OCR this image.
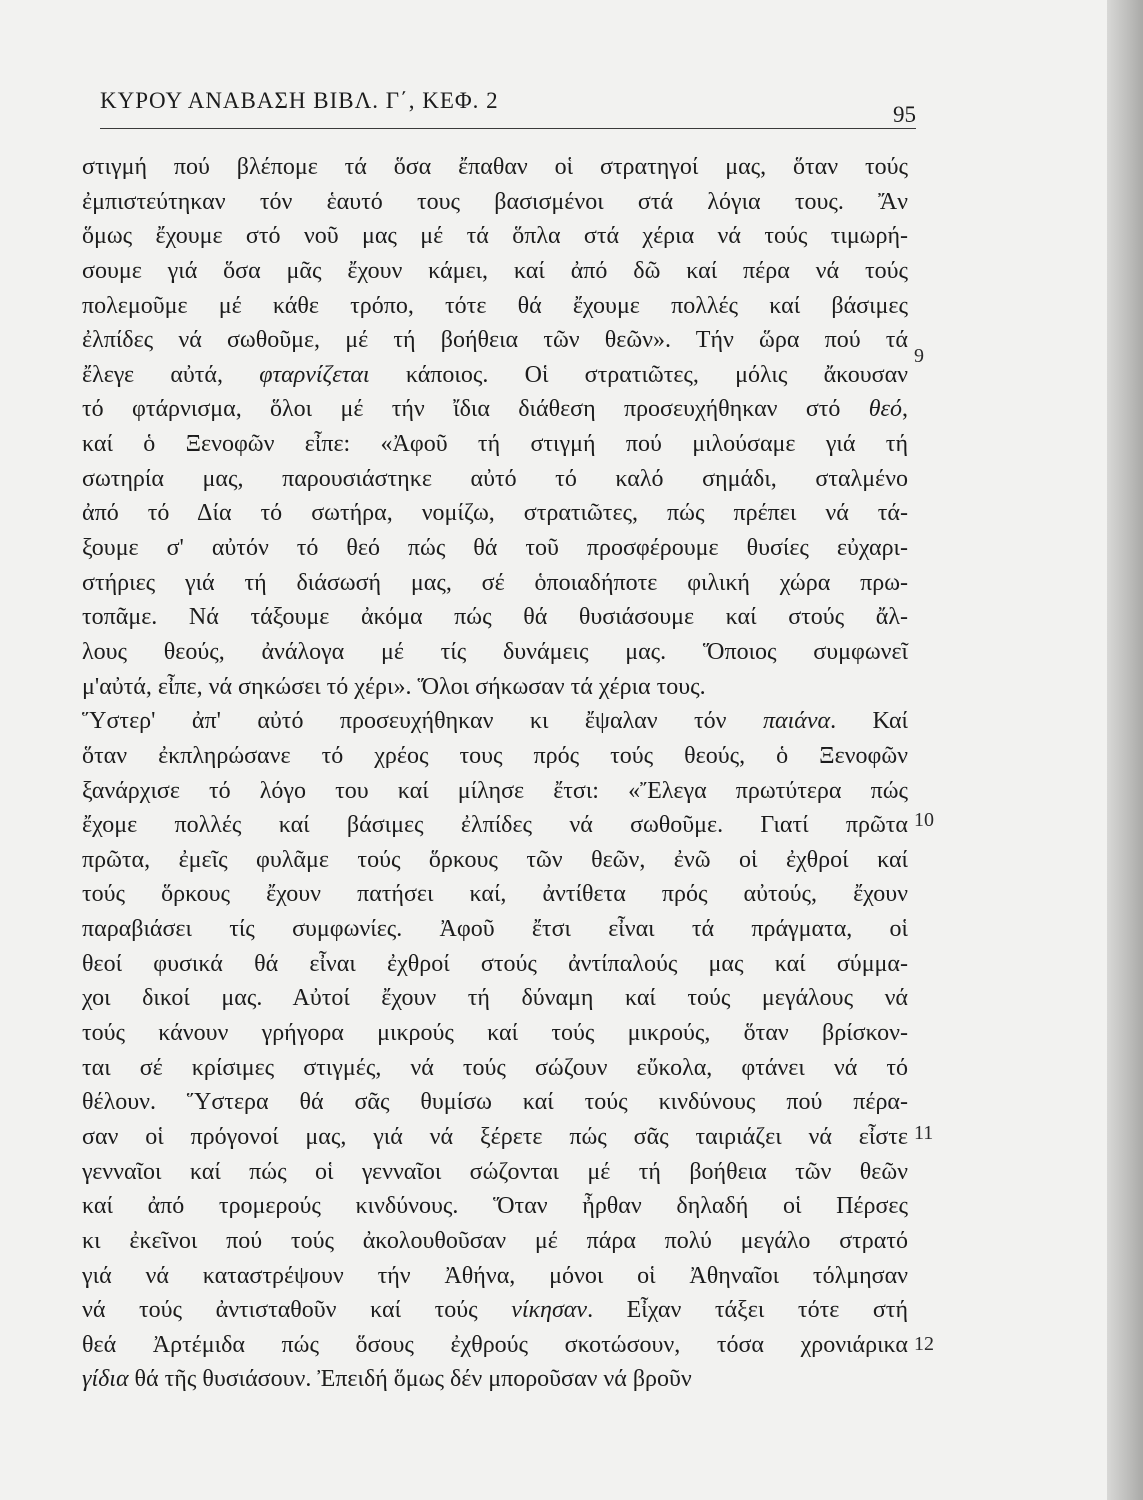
ΚΥΡΟΥ ΑΝΑΒΑΣΗ ΒΙΒΛ. Γ΄, ΚΕΦ. 2
95
στιγμή πού βλέπομε τά ὅσα ἔπαθαν οἱ στρατηγοί μας, ὅταν τούς
ἐμπιστεύτηκαν τόν ἑαυτό τους βασισμένοι στά λόγια τους. Ἄν
ὅμως ἔχουμε στό νοῦ μας μέ τά ὅπλα στά χέρια νά τούς τιμωρή-
σουμε γιά ὅσα μᾶς ἔχουν κάμει, καί ἀπό δῶ καί πέρα νά τούς
πολεμοῦμε μέ κάθε τρόπο, τότε θά ἔχουμε πολλές καί βάσιμες
ἐλπίδες νά σωθοῦμε, μέ τή βοήθεια τῶν θεῶν». Τήν ὥρα πού τά
ἔλεγε αὐτά, φταρνίζεται κάποιος. Οἱ στρατιῶτες, μόλις ἄκουσαν
τό φτάρνισμα, ὅλοι μέ τήν ἴδια διάθεση προσευχήθηκαν στό θεό,
καί ὁ Ξενοφῶν εἶπε: «Ἀφοῦ τή στιγμή πού μιλούσαμε γιά τή
σωτηρία μας, παρουσιάστηκε αὐτό τό καλό σημάδι, σταλμένο
ἀπό τό Δία τό σωτήρα, νομίζω, στρατιῶτες, πώς πρέπει νά τά-
ξουμε σ' αὐτόν τό θεό πώς θά τοῦ προσφέρουμε θυσίες εὐχαρι-
στήριες γιά τή διάσωσή μας, σέ ὁποιαδήποτε φιλική χώρα πρω-
τοπᾶμε. Νά τάξουμε ἀκόμα πώς θά θυσιάσουμε καί στούς ἄλ-
λους θεούς, ἀνάλογα μέ τίς δυνάμεις μας. Ὅποιος συμφωνεῖ
μ'αὐτά, εἶπε, νά σηκώσει τό χέρι». Ὅλοι σήκωσαν τά χέρια τους.
Ὕστερ' ἀπ' αὐτό προσευχήθηκαν κι ἔψαλαν τόν παιάνα. Καί
ὅταν ἐκπληρώσανε τό χρέος τους πρός τούς θεούς, ὁ Ξενοφῶν
ξανάρχισε τό λόγο του καί μίλησε ἔτσι: «Ἔλεγα πρωτύτερα πώς
ἔχομε πολλές καί βάσιμες ἐλπίδες νά σωθοῦμε. Γιατί πρῶτα
πρῶτα, ἐμεῖς φυλᾶμε τούς ὅρκους τῶν θεῶν, ἐνῶ οἱ ἐχθροί καί
τούς ὅρκους ἔχουν πατήσει καί, ἀντίθετα πρός αὐτούς, ἔχουν
παραβιάσει τίς συμφωνίες. Ἀφοῦ ἔτσι εἶναι τά πράγματα, οἱ
θεοί φυσικά θά εἶναι ἐχθροί στούς ἀντίπαλούς μας καί σύμμα-
χοι δικοί μας. Αὐτοί ἔχουν τή δύναμη καί τούς μεγάλους νά
τούς κάνουν γρήγορα μικρούς καί τούς μικρούς, ὅταν βρίσκον-
ται σέ κρίσιμες στιγμές, νά τούς σώζουν εὔκολα, φτάνει νά τό
θέλουν. Ὕστερα θά σᾶς θυμίσω καί τούς κινδύνους πού πέρα-
σαν οἱ πρόγονοί μας, γιά νά ξέρετε πώς σᾶς ταιριάζει νά εἶστε
γενναῖοι καί πώς οἱ γενναῖοι σώζονται μέ τή βοήθεια τῶν θεῶν
καί ἀπό τρομερούς κινδύνους. Ὅταν ἦρθαν δηλαδή οἱ Πέρσες
κι ἐκεῖνοι πού τούς ἀκολουθοῦσαν μέ πάρα πολύ μεγάλο στρατό
γιά νά καταστρέψουν τήν Ἀθήνα, μόνοι οἱ Ἀθηναῖοι τόλμησαν
νά τούς ἀντισταθοῦν καί τούς νίκησαν. Εἶχαν τάξει τότε στή
θεά Ἀρτέμιδα πώς ὅσους ἐχθρούς σκοτώσουν, τόσα χρονιάρικα
γίδια θά τῆς θυσιάσουν. Ἐπειδή ὅμως δέν μποροῦσαν νά βροῦν
9
10
11
12
